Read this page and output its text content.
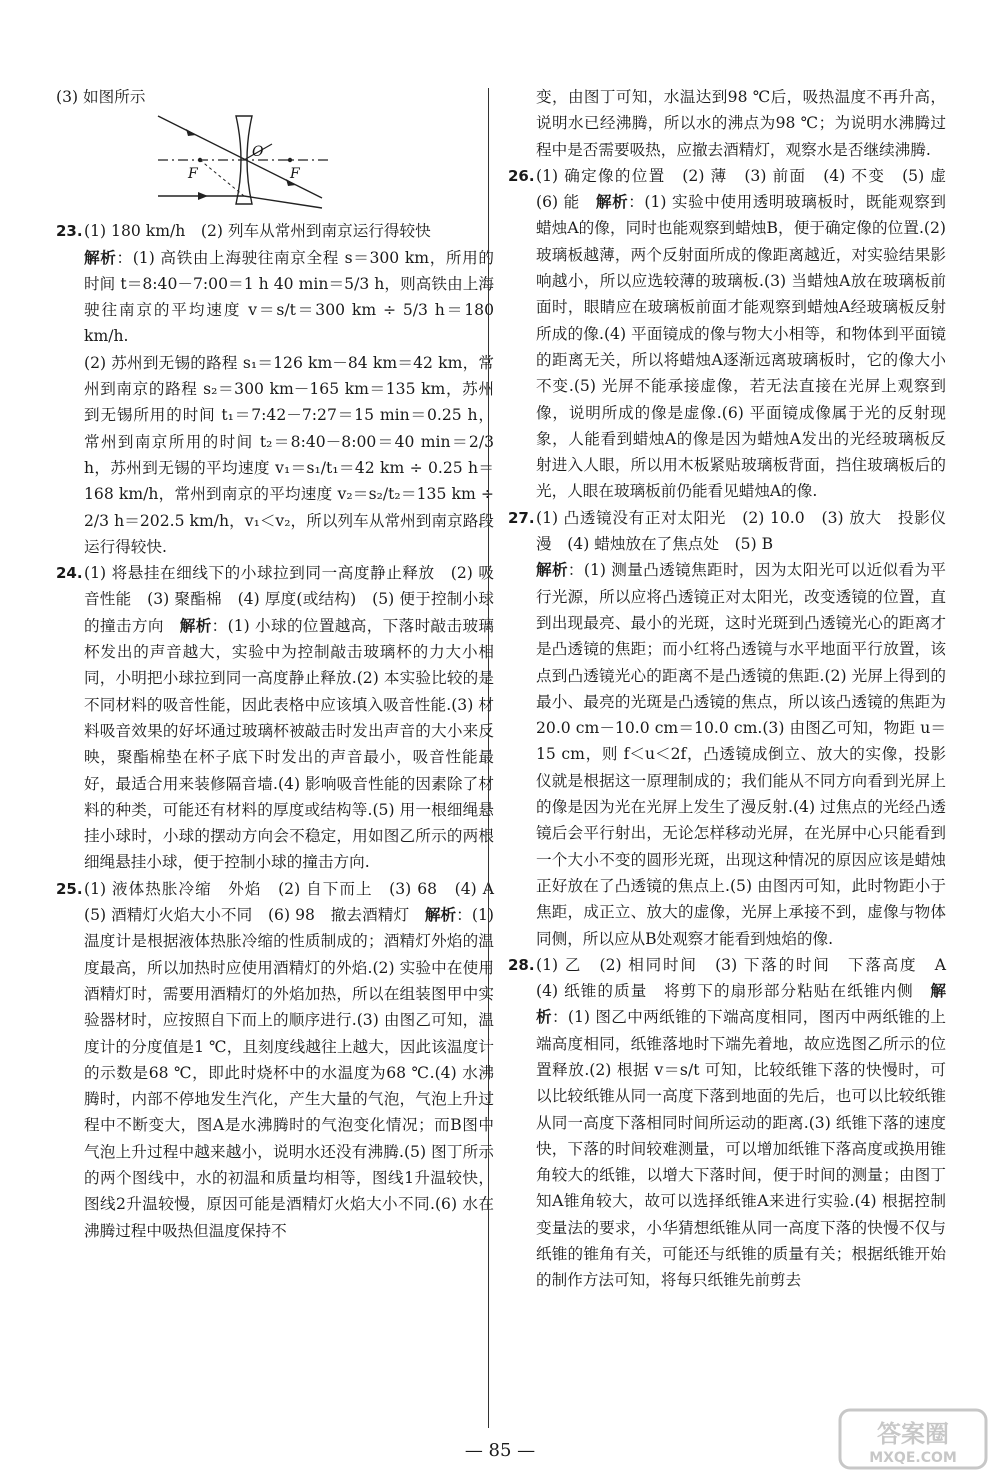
(3) 如图所示

O
F	F
23. (1) 180 km/h　(2) 列车从常州到南京运行得较快

解析：(1) 高铁由上海驶往南京全程 s＝300 km，所用的时间 t＝8:40－7:00＝1 h 40 min＝5/3 h，则高铁由上海驶往南京的平均速度 v＝s/t＝300 km ÷ 5/3 h＝180 km/h.

(2) 苏州到无锡的路程 s₁＝126 km－84 km＝42 km，常州到南京的路程 s₂＝300 km－165 km＝135 km，苏州到无锡所用的时间 t₁＝7:42－7:27＝15 min＝0.25 h，常州到南京所用的时间 t₂＝8:40－8:00＝40 min＝2/3 h，苏州到无锡的平均速度 v₁＝s₁/t₁＝42 km ÷ 0.25 h＝168 km/h，常州到南京的平均速度 v₂＝s₂/t₂＝135 km ÷ 2/3 h＝202.5 km/h，v₁＜v₂，所以列车从常州到南京路段运行得较快.

24. (1) 将悬挂在细线下的小球拉到同一高度静止释放　(2) 吸音性能　(3) 聚酯棉　(4) 厚度(或结构)　(5) 便于控制小球的撞击方向　 解析：(1) 小球的位置越高，下落时敲击玻璃杯发出的声音越大，实验中为控制敲击玻璃杯的力大小相同，小明把小球拉到同一高度静止释放.(2) 本实验比较的是不同材料的吸音性能，因此表格中应该填入吸音性能.(3) 材料吸音效果的好坏通过玻璃杯被敲击时发出声音的大小来反映，聚酯棉垫在杯子底下时发出的声音最小，吸音性能最好，最适合用来装修隔音墙.(4) 影响吸音性能的因素除了材料的种类，可能还有材料的厚度或结构等.(5) 用一根细绳悬挂小球时，小球的摆动方向会不稳定，用如图乙所示的两根细绳悬挂小球，便于控制小球的撞击方向.

25. (1) 液体热胀冷缩　外焰　(2) 自下而上　(3) 68　(4) A　(5) 酒精灯火焰大小不同　(6) 98　撤去酒精灯　 解析：(1) 温度计是根据液体热胀冷缩的性质制成的；酒精灯外焰的温度最高，所以加热时应使用酒精灯的外焰.(2) 实验中在使用酒精灯时，需要用酒精灯的外焰加热，所以在组装图甲中实验器材时，应按照自下而上的顺序进行.(3) 由图乙可知，温度计的分度值是1 ℃，且刻度线越往上越大，因此该温度计的示数是68 ℃，即此时烧杯中的水温度为68 ℃.(4) 水沸腾时，内部不停地发生汽化，产生大量的气泡，气泡上升过程中不断变大，图A是水沸腾时的气泡变化情况；而B图中气泡上升过程中越来越小，说明水还没有沸腾.(5) 图丁所示的两个图线中，水的初温和质量均相等，图线1升温较快，图线2升温较慢，原因可能是酒精灯火焰大小不同.(6) 水在沸腾过程中吸热但温度保持不

变，由图丁可知，水温达到98 ℃后，吸热温度不再升高，说明水已经沸腾，所以水的沸点为98 ℃；为说明水沸腾过程中是否需要吸热，应撤去酒精灯，观察水是否继续沸腾.

26. (1) 确定像的位置　(2) 薄　(3) 前面　(4) 不变　(5) 虚　(6) 能　 解析：(1) 实验中使用透明玻璃板时，既能观察到蜡烛A的像，同时也能观察到蜡烛B，便于确定像的位置.(2) 玻璃板越薄，两个反射面所成的像距离越近，对实验结果影响越小，所以应选较薄的玻璃板.(3) 当蜡烛A放在玻璃板前面时，眼睛应在玻璃板前面才能观察到蜡烛A经玻璃板反射所成的像.(4) 平面镜成的像与物大小相等，和物体到平面镜的距离无关，所以将蜡烛A逐渐远离玻璃板时，它的像大小不变.(5) 光屏不能承接虚像，若无法直接在光屏上观察到像，说明所成的像是虚像.(6) 平面镜成像属于光的反射现象，人能看到蜡烛A的像是因为蜡烛A发出的光经玻璃板反射进入人眼，所以用木板紧贴玻璃板背面，挡住玻璃板后的光，人眼在玻璃板前仍能看见蜡烛A的像.

27. (1) 凸透镜没有正对太阳光　(2) 10.0　(3) 放大　投影仪　漫　(4) 蜡烛放在了焦点处　(5) B

解析：(1) 测量凸透镜焦距时，因为太阳光可以近似看为平行光源，所以应将凸透镜正对太阳光，改变透镜的位置，直到出现最亮、最小的光斑，这时光斑到凸透镜光心的距离才是凸透镜的焦距；而小红将凸透镜与水平地面平行放置，该点到凸透镜光心的距离不是凸透镜的焦距.(2) 光屏上得到的最小、最亮的光斑是凸透镜的焦点，所以该凸透镜的焦距为20.0 cm－10.0 cm＝10.0 cm.(3) 由图乙可知，物距 u＝15 cm，则 f＜u＜2f，凸透镜成倒立、放大的实像，投影仪就是根据这一原理制成的；我们能从不同方向看到光屏上的像是因为光在光屏上发生了漫反射.(4) 过焦点的光经凸透镜后会平行射出，无论怎样移动光屏，在光屏中心只能看到一个大小不变的圆形光斑，出现这种情况的原因应该是蜡烛正好放在了凸透镜的焦点上.(5) 由图丙可知，此时物距小于焦距，成正立、放大的虚像，光屏上承接不到，虚像与物体同侧，所以应从B处观察才能看到烛焰的像.

28. (1) 乙　(2) 相同时间　(3) 下落的时间　下落高度　A　(4) 纸锥的质量　将剪下的扇形部分粘贴在纸锥内侧　 解析：(1) 图乙中两纸锥的下端高度相同，图丙中两纸锥的上端高度相同，纸锥落地时下端先着地，故应选图乙所示的位置释放.(2) 根据 v＝s/t 可知，比较纸锥下落的快慢时，可以比较纸锥从同一高度下落到地面的先后，也可以比较纸锥从同一高度下落相同时间所运动的距离.(3) 纸锥下落的速度快，下落的时间较难测量，可以增加纸锥下落高度或换用锥角较大的纸锥，以增大下落时间，便于时间的测量；由图丁知A锥角较大，故可以选择纸锥A来进行实验.(4) 根据控制变量法的要求，小华猜想纸锥从同一高度下落的快慢不仅与纸锥的锥角有关，可能还与纸锥的质量有关；根据纸锥开始的制作方法可知，将每只纸锥先前剪去

— 85 —
答案圈
MXQE.COM
